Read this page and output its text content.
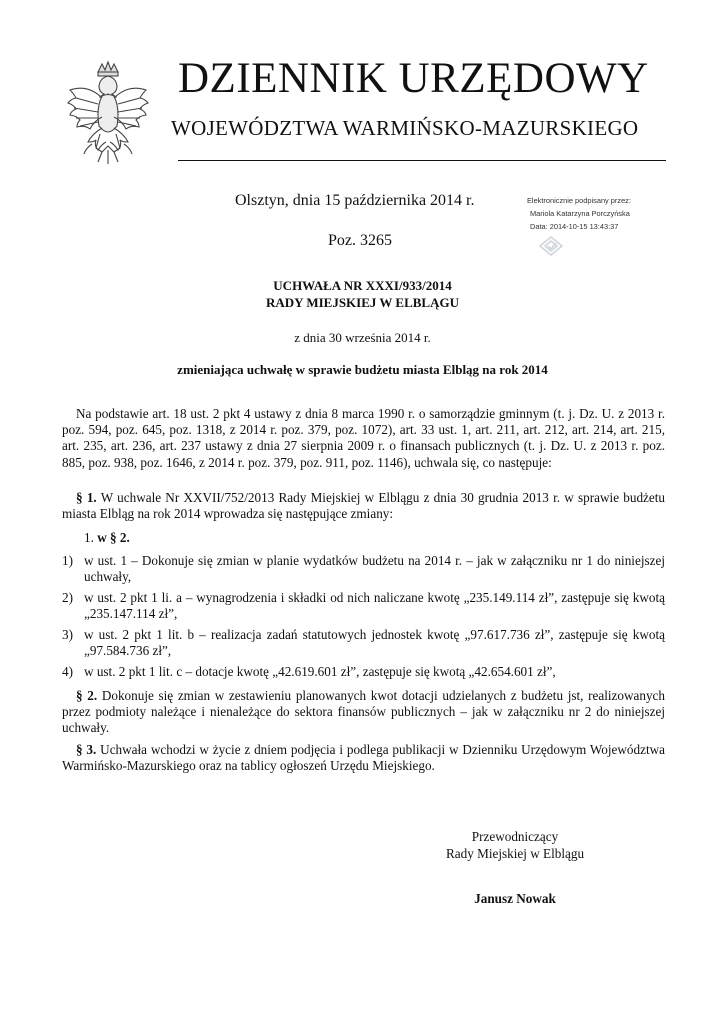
DZIENNIK URZĘDOWY
WOJEWÓDZTWA WARMIŃSKO-MAZURSKIEGO
Olsztyn, dnia 15 października 2014 r.
Poz. 3265
Elektronicznie podpisany przez:
Mariola Katarzyna Porczyńska
Data: 2014-10-15 13:43:37
UCHWAŁA NR XXXI/933/2014
RADY MIEJSKIEJ W ELBLĄGU
z dnia 30 września 2014 r.
zmieniająca uchwałę w sprawie budżetu miasta Elbląg na rok 2014
Na podstawie art. 18 ust. 2 pkt 4 ustawy z dnia 8 marca 1990 r. o samorządzie gminnym (t. j. Dz. U. z 2013 r. poz. 594, poz. 645, poz. 1318, z 2014 r. poz. 379, poz. 1072), art. 33 ust. 1, art. 211, art. 212, art. 214, art. 215, art. 235, art. 236, art. 237 ustawy z dnia 27 sierpnia 2009 r. o finansach publicznych (t. j. Dz. U. z 2013 r. poz. 885, poz. 938, poz. 1646, z 2014 r. poz. 379, poz. 911, poz. 1146), uchwala się, co następuje:
§ 1. W uchwale Nr XXVII/752/2013 Rady Miejskiej w Elblągu z dnia 30 grudnia 2013 r. w sprawie budżetu miasta Elbląg na rok 2014 wprowadza się następujące zmiany:
1. w § 2.
1) w ust. 1 – Dokonuje się zmian w planie wydatków budżetu na 2014 r. – jak w załączniku nr 1 do niniejszej uchwały,
2) w ust. 2 pkt 1 li. a – wynagrodzenia i składki od nich naliczane kwotę „235.149.114 zł”, zastępuje się kwotą „235.147.114 zł”,
3) w ust. 2 pkt 1 lit. b – realizacja zadań statutowych jednostek kwotę „97.617.736 zł”, zastępuje się kwotą „97.584.736 zł”,
4) w ust. 2 pkt 1 lit. c – dotacje kwotę „42.619.601 zł”, zastępuje się kwotą „42.654.601 zł”,
§ 2. Dokonuje się zmian w zestawieniu planowanych kwot dotacji udzielanych z budżetu jst, realizowanych przez podmioty należące i nienależące do sektora finansów publicznych – jak w załączniku nr 2 do niniejszej uchwały.
§ 3. Uchwała wchodzi w życie z dniem podjęcia i podlega publikacji w Dzienniku Urzędowym Województwa Warmińsko-Mazurskiego oraz na tablicy ogłoszeń Urzędu Miejskiego.
Przewodniczący
Rady Miejskiej w Elblągu
Janusz Nowak
